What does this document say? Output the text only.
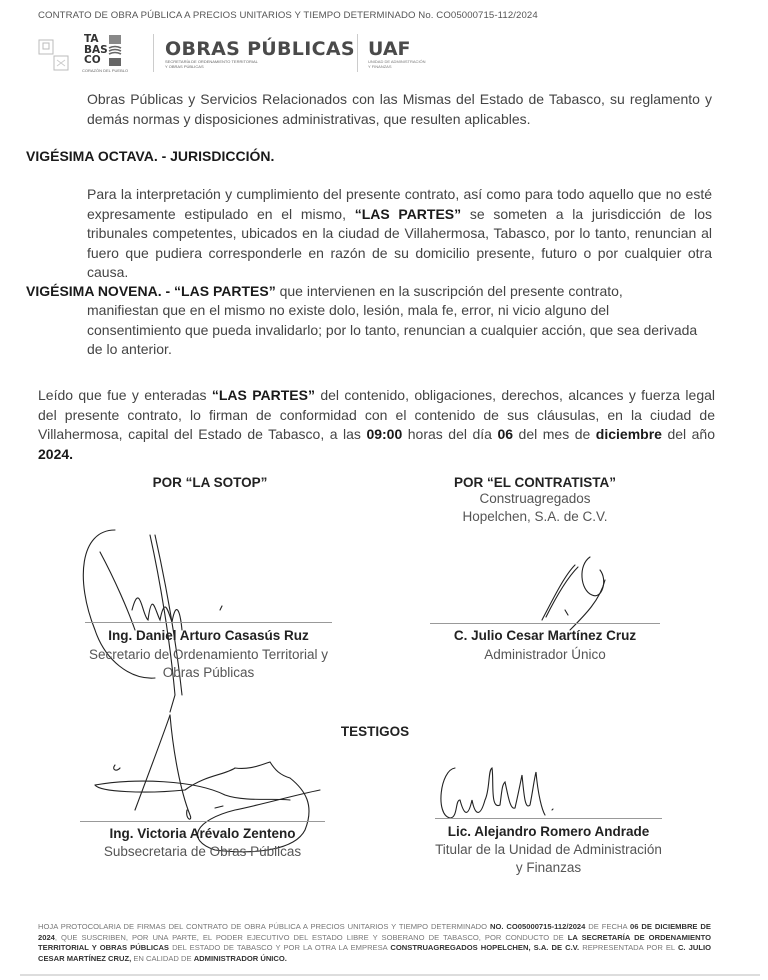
CONTRATO DE OBRA PÚBLICA A PRECIOS UNITARIOS Y TIEMPO DETERMINADO No. CO05000715-112/2024
TA
BAS
CO
CORAZÓN DEL PUEBLO
OBRAS PÚBLICAS
SECRETARÍA DE ORDENAMIENTO TERRITORIAL
Y OBRAS PÚBLICAS
UAF
UNIDAD DE ADMINISTRACIÓN
Y FINANZAS
Obras Públicas y Servicios Relacionados con las Mismas del Estado de Tabasco, su reglamento y demás normas y disposiciones administrativas, que resulten aplicables.
VIGÉSIMA OCTAVA. - JURISDICCIÓN.
Para la interpretación y cumplimiento del presente contrato, así como para todo aquello que no esté expresamente estipulado en el mismo, “LAS PARTES” se someten a la jurisdicción de los tribunales competentes, ubicados en la ciudad de Villahermosa, Tabasco, por lo tanto, renuncian al fuero que pudiera corresponderle en razón de su domicilio presente, futuro o por cualquier otra causa.
VIGÉSIMA NOVENA. - “LAS PARTES” que intervienen en la suscripción del presente contrato,
manifiestan que en el mismo no existe dolo, lesión, mala fe, error, ni vicio alguno del consentimiento que pueda invalidarlo; por lo tanto, renuncian a cualquier acción, que sea derivada de lo anterior.
Leído que fue y enteradas “LAS PARTES” del contenido, obligaciones, derechos, alcances y fuerza legal del presente contrato, lo firman de conformidad con el contenido de sus cláusulas, en la ciudad de Villahermosa, capital del Estado de Tabasco, a las 09:00 horas del día 06 del mes de diciembre del año 2024.
POR “LA SOTOP”	POR “EL CONTRATISTA”
Construagregados
Hopelchen, S.A. de C.V.
Ing. Daniel Arturo Casasús Ruz
Secretario de Ordenamiento Territorial y
Obras Públicas
C. Julio Cesar Martínez Cruz
Administrador Único
TESTIGOS
Ing. Victoria Arévalo Zenteno
Subsecretaria de Obras Públicas
Lic. Alejandro Romero Andrade
Titular de la Unidad de Administración
y Finanzas
HOJA PROTOCOLARIA DE FIRMAS DEL CONTRATO DE OBRA PÚBLICA A PRECIOS UNITARIOS Y TIEMPO DETERMINADO NO. CO05000715-112/2024 DE FECHA 06 DE DICIEMBRE DE 2024, QUE SUSCRIBEN, POR UNA PARTE, EL PODER EJECUTIVO DEL ESTADO LIBRE Y SOBERANO DE TABASCO, POR CONDUCTO DE LA SECRETARÍA DE ORDENAMIENTO TERRITORIAL Y OBRAS PÚBLICAS DEL ESTADO DE TABASCO Y POR LA OTRA LA EMPRESA CONSTRUAGREGADOS HOPELCHEN, S.A. DE C.V. REPRESENTADA POR EL C. JULIO CESAR MARTÍNEZ CRUZ, EN CALIDAD DE ADMINISTRADOR ÚNICO.
